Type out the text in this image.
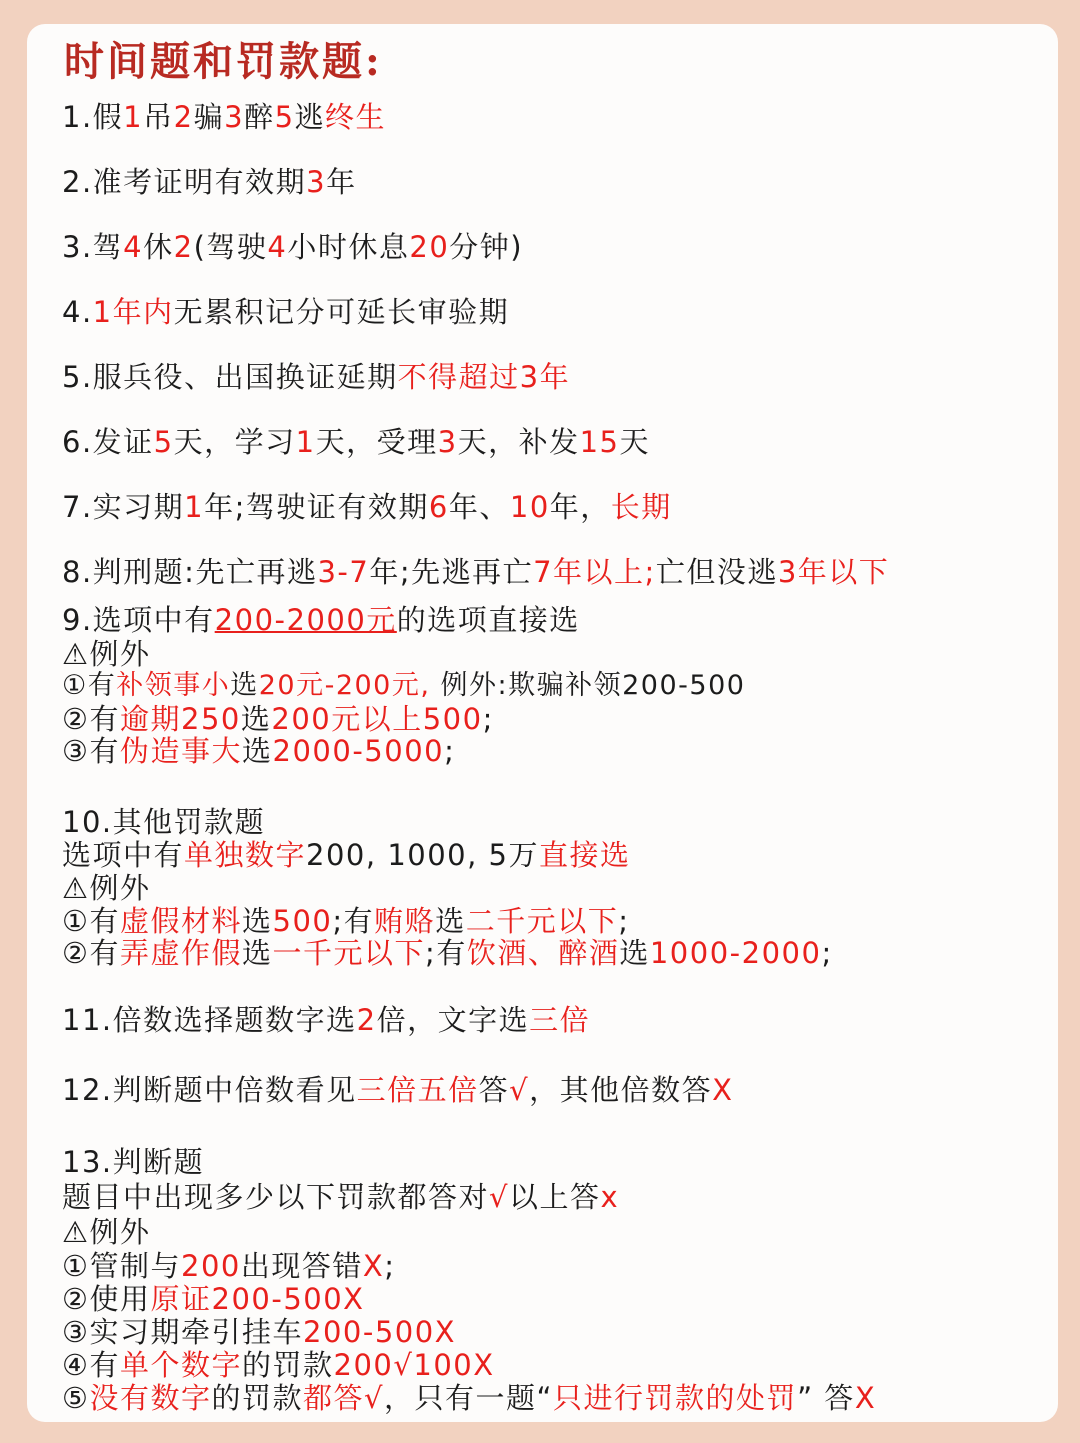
时间题和罚款题:
1.假1吊2骗3醉5逃终生
2.准考证明有效期3年
3.驾4休2(驾驶4小时休息20分钟)
4.1年内无累积记分可延长审验期
5.服兵役、出国换证延期不得超过3年
6.发证5天，学习1天，受理3天，补发15天
7.实习期1年;驾驶证有效期6年、10年，长期
8.判刑题:先亡再逃3-7年;先逃再亡7年以上;亡但没逃3年以下
9.选项中有200-2000元的选项直接选
⚠例外
①有补领事小选20元-200元, 例外:欺骗补领200-500
②有逾期250选200元以上500;
③有伪造事大选2000-5000;
10.其他罚款题
选项中有单独数字200, 1000, 5万直接选
⚠例外
①有虚假材料选500;有贿赂选二千元以下;
②有弄虚作假选一千元以下;有饮酒、醉酒选1000-2000;
11.倍数选择题数字选2倍，文字选三倍
12.判断题中倍数看见三倍五倍答√，其他倍数答X
13.判断题
题目中出现多少以下罚款都答对√以上答x
⚠例外
①管制与200出现答错X;
②使用原证200-500X
③实习期牵引挂车200-500X
④有单个数字的罚款200√100X
⑤没有数字的罚款都答√，只有一题“只进行罚款的处罚” 答X
